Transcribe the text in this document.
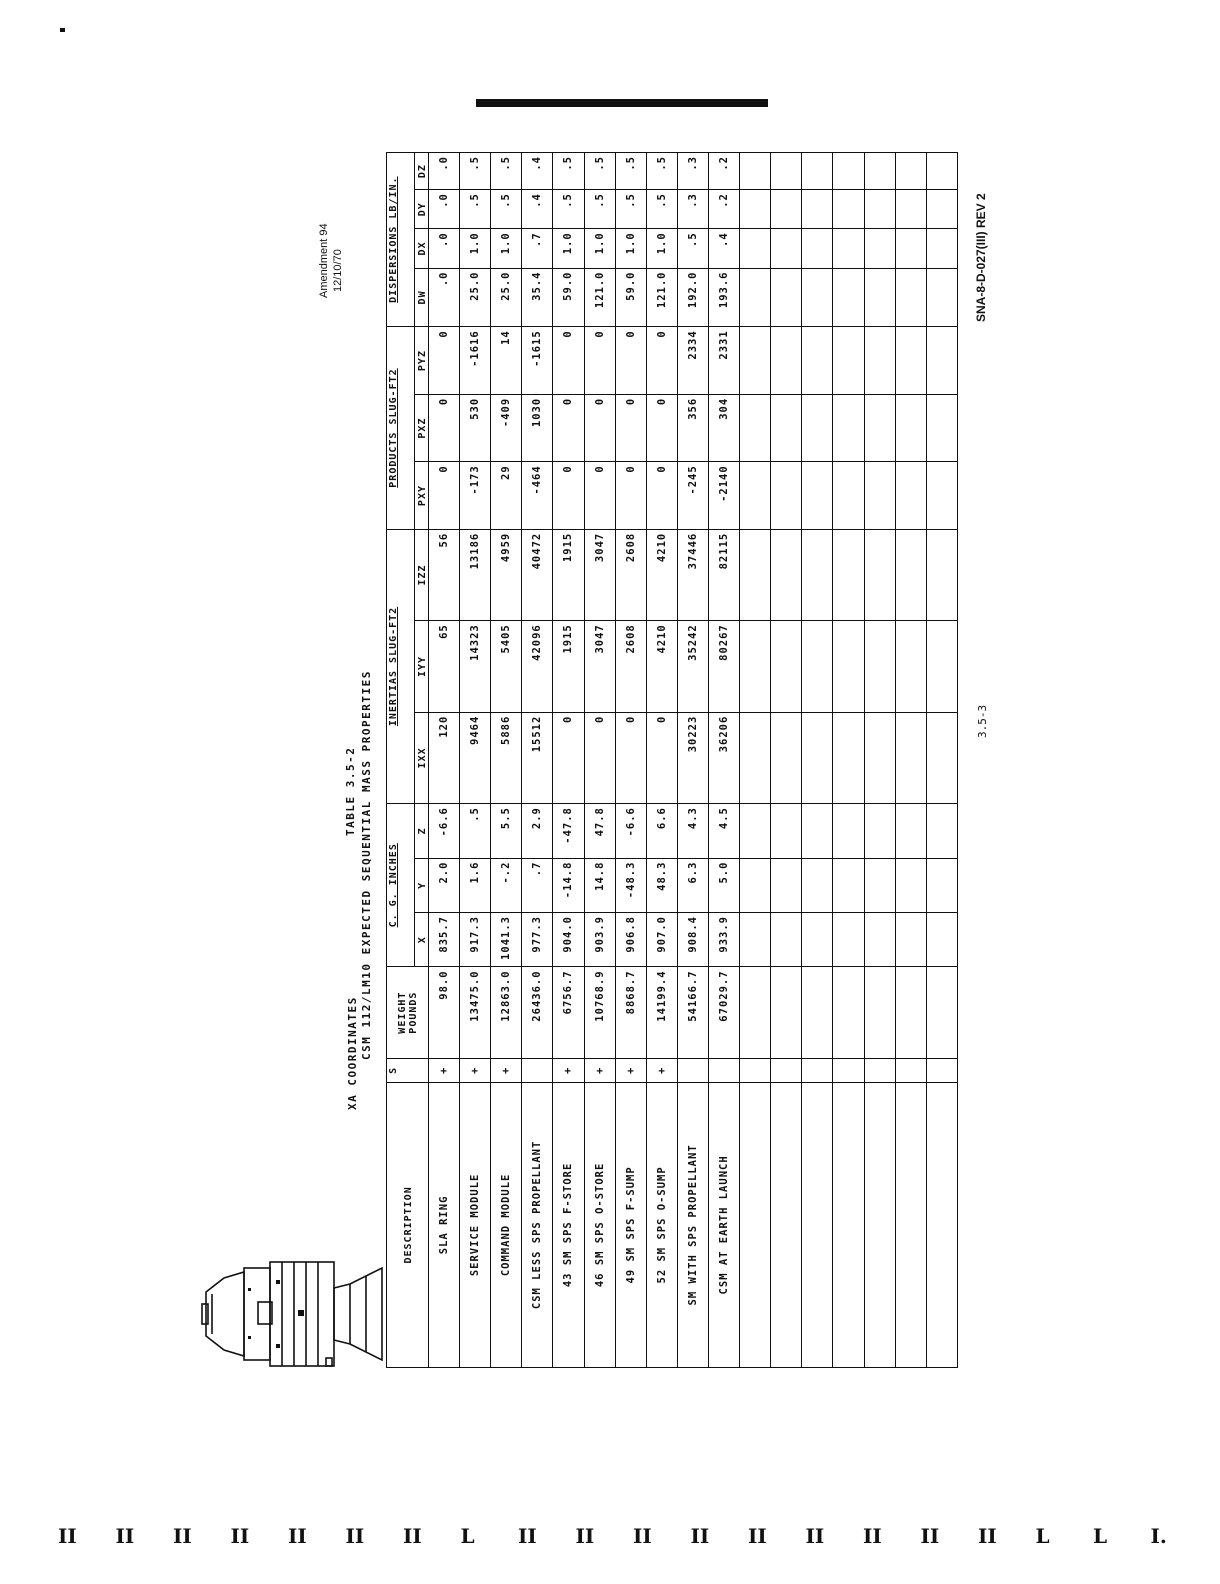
Amendment 94 12/10/70	SNA-8-D-027(III) REV 2
3.5-3
XA COORDINATES
TABLE 3.5-2 CSM 112/LM10 EXPECTED SEQUENTIAL MASS PROPERTIES
DESCRIPTION	S	WEIGHT POUNDS	C. G. INCHES			INERTIAS SLUG-FT2			PRODUCTS SLUG-FT2			DISPERSIONS LB/IN.			
			X	Y	Z	IXX	IYY	IZZ	PXY	PXZ	PYZ	DW	DX	DY	DZ
SLA RING	+	98.0	835.7	2.0	-6.6	120	65	56	0	0	0	.0	.0	.0	.0
SERVICE MODULE	+	13475.0	917.3	1.6	.5	9464	14323	13186	-173	530	-1616	25.0	1.0	.5	.5
COMMAND MODULE	+	12863.0	1041.3	-.2	5.5	5886	5405	4959	29	-409	14	25.0	1.0	.5	.5
CSM LESS SPS PROPELLANT		26436.0	977.3	.7	2.9	15512	42096	40472	-464	1030	-1615	35.4	.7	.4	.4
43 SM SPS F-STORE	+	6756.7	904.0	-14.8	-47.8	0	1915	1915	0	0	0	59.0	1.0	.5	.5
46 SM SPS O-STORE	+	10768.9	903.9	14.8	47.8	0	3047	3047	0	0	0	121.0	1.0	.5	.5
49 SM SPS F-SUMP	+	8868.7	906.8	-48.3	-6.6	0	2608	2608	0	0	0	59.0	1.0	.5	.5
52 SM SPS O-SUMP	+	14199.4	907.0	48.3	6.6	0	4210	4210	0	0	0	121.0	1.0	.5	.5
SM WITH SPS PROPELLANT		54166.7	908.4	6.3	4.3	30223	35242	37446	-245	356	2334	192.0	.5	.3	.3
CSM AT EARTH LAUNCH		67029.7	933.9	5.0	4.5	36206	80267	82115	-2140	304	2331	193.6	.4	.2	.2

II II II II II II II L II II II II II II II II II L L I.
